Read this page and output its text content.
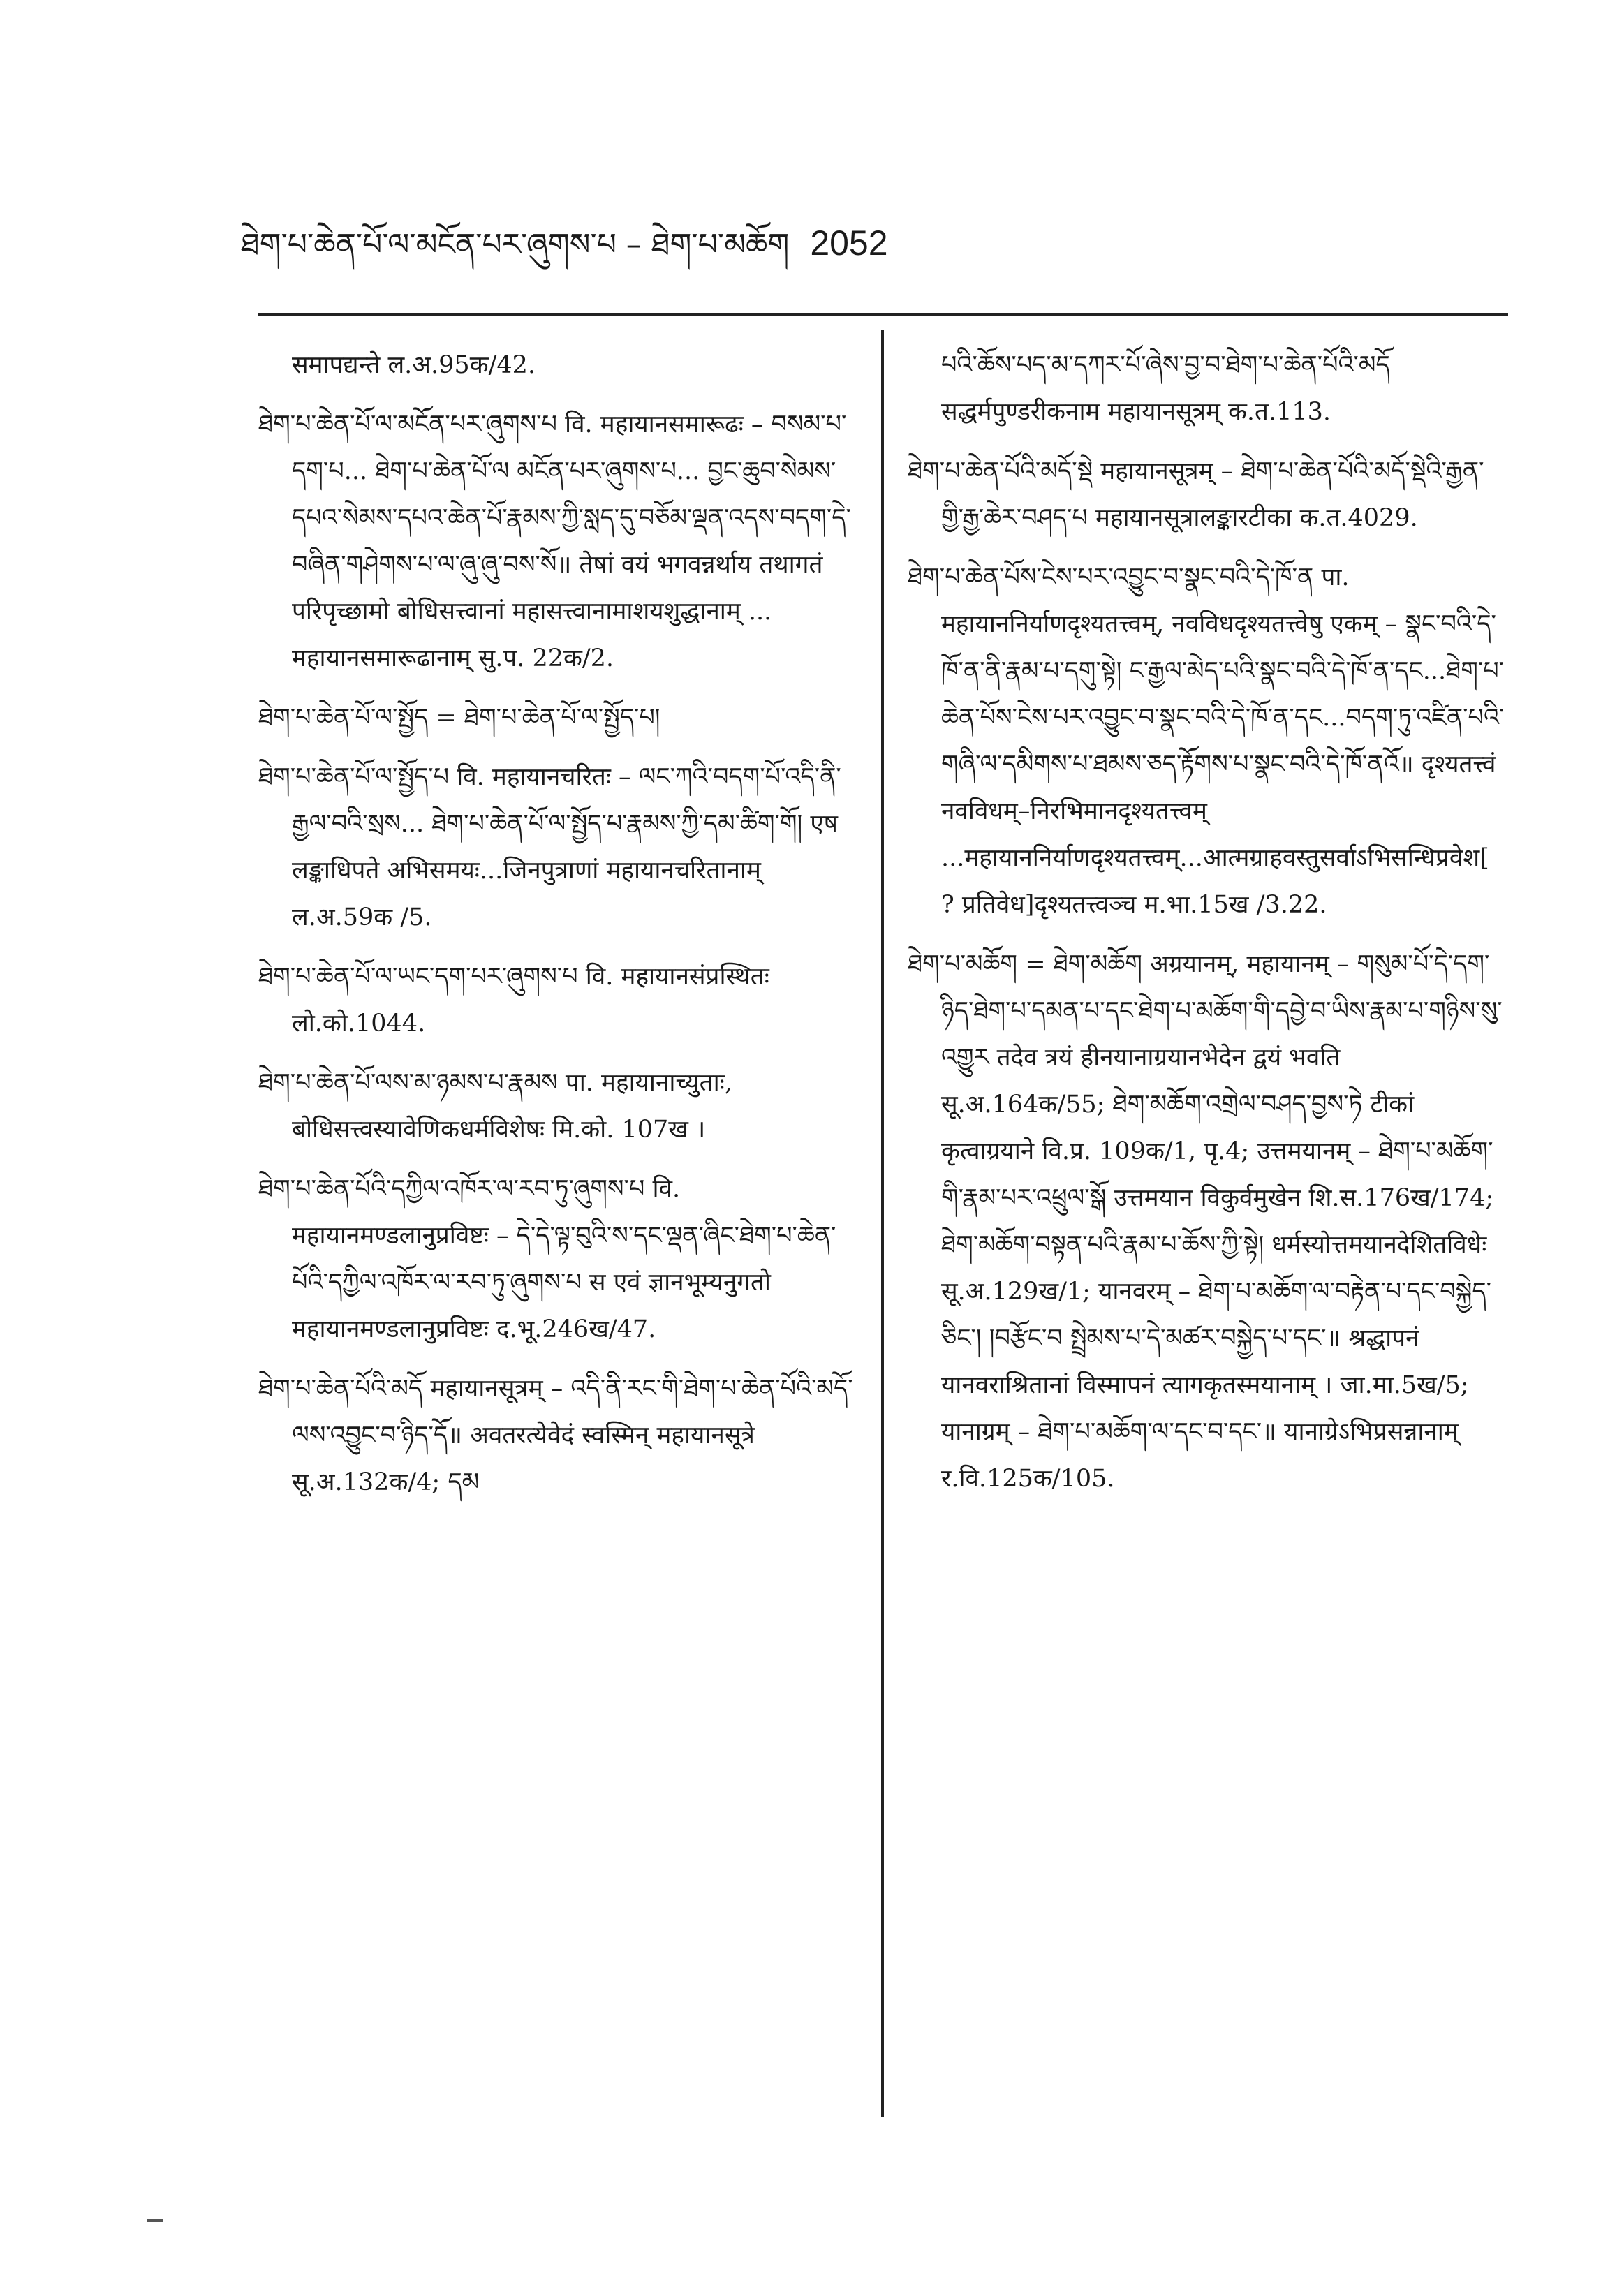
ཐེག་པ་ཆེན་པོ་ལ་མངོན་པར་ཞུགས་པ – ཐེག་པ་མཆོག 2052

समापद्यन्ते ल.अ.95क/42.

ཐེག་པ་ཆེན་པོ་ལ་མངོན་པར་ཞུགས་པ वि. महायानसमारूढः – བསམ་པ་དག་པ... ཐེག་པ་ཆེན་པོ་ལ མངོན་པར་ཞུགས་པ... བྱང་ཆུབ་སེམས་དཔའ་སེམས་དཔའ་ཆེན་པོ་རྣམས་ཀྱི་སླད་དུ་བཅོམ་ལྡན་འདས་བདག་དེ་བཞིན་གཤེགས་པ་ལ་ཞུ་ཞུ་བས་སོ॥ तेषां वयं भगवन्नर्थाय तथागतं परिपृच्छामो बोधिसत्त्वानां महासत्त्वानामाशयशुद्धानाम् ... महायानसमारूढानाम् सु.प. 22क/2.

ཐེག་པ་ཆེན་པོ་ལ་སྤྱོད = ཐེག་པ་ཆེན་པོ་ལ་སྤྱོད་པ།

ཐེག་པ་ཆེན་པོ་ལ་སྤྱོད་པ वि. महायानचरितः – ལང་ཀའི་བདག་པོ་འདི་ནི་རྒྱལ་བའི་སྲས... ཐེག་པ་ཆེན་པོ་ལ་སྤྱོད་པ་རྣམས་ཀྱི་དམ་ཚིག་གོ། एष लङ्काधिपते अभिसमयः...जिनपुत्राणां महायानचरितानाम् ल.अ.59क /5.

ཐེག་པ་ཆེན་པོ་ལ་ཡང་དག་པར་ཞུགས་པ वि. महायानसंप्रस्थितः लो.को.1044.

ཐེག་པ་ཆེན་པོ་ལས་མ་ཉམས་པ་རྣམས पा. महायानाच्युताः, बोधिसत्त्वस्यावेणिकधर्मविशेषः मि.को. 107ख ।

ཐེག་པ་ཆེན་པོའི་དཀྱིལ་འཁོར་ལ་རབ་ཏུ་ཞུགས་པ वि. महायानमण्डलानुप्रविष्टः – དེ་དེ་ལྟ་བུའི་ས་དང་ལྡན་ཞིང་ཐེག་པ་ཆེན་པོའི་དཀྱིལ་འཁོར་ལ་རབ་ཏུ་ཞུགས་པ स एवं ज्ञानभूम्यनुगतो महायानमण्डलानुप्रविष्टः द.भू.246ख/47.

ཐེག་པ་ཆེན་པོའི་མདོ महायानसूत्रम् – འདི་ནི་རང་གི་ཐེག་པ་ཆེན་པོའི་མདོ་ལས་འབྱུང་བ་ཉིད་དོ॥ अवतरत्येवेदं स्वस्मिन् महायानसूत्रे सू.अ.132क/4; དམ

པའི་ཆོས་པད་མ་དཀར་པོ་ཞེས་བྱ་བ་ཐེག་པ་ཆེན་པོའི་མདོ सद्धर्मपुण्डरीकनाम महायानसूत्रम् क.त.113.

ཐེག་པ་ཆེན་པོའི་མདོ་སྡེ महायानसूत्रम् – ཐེག་པ་ཆེན་པོའི་མདོ་སྡེའི་རྒྱན་གྱི་རྒྱ་ཆེར་བཤད་པ महायानसूत्रालङ्कारटीका क.त.4029.

ཐེག་པ་ཆེན་པོས་ངེས་པར་འབྱུང་བ་སྣང་བའི་དེ་ཁོ་ན पा. महायाननिर्याणदृश्यतत्त्वम्, नवविधदृश्यतत्त्वेषु एकम् – སྣང་བའི་དེ་ཁོ་ན་ནི་རྣམ་པ་དགུ་སྟེ། ང་རྒྱལ་མེད་པའི་སྣང་བའི་དེ་ཁོ་ན་དང...ཐེག་པ་ཆེན་པོས་ངེས་པར་འབྱུང་བ་སྣང་བའི་དེ་ཁོ་ན་དང...བདག་ཏུ་འཛིན་པའི་གཞི་ལ་དམིགས་པ་ཐམས་ཅད་རྟོགས་པ་སྣང་བའི་དེ་ཁོ་ནའོ॥ दृश्यतत्त्वं नवविधम्–निरभिमानदृश्यतत्त्वम् ...महायाननिर्याणदृश्यतत्त्वम्...आत्मग्राहवस्तुसर्वाऽभिसन्धिप्रवेश[ ? प्रतिवेध]दृश्यतत्त्वञ्च म.भा.15ख /3.22.

ཐེག་པ་མཆོག = ཐེག་མཆོག अग्रयानम्, महायानम् – གསུམ་པོ་དེ་དག་ཉིད་ཐེག་པ་དམན་པ་དང་ཐེག་པ་མཆོག་གི་དབྱེ་བ་ཡིས་རྣམ་པ་གཉིས་སུ་འགྱུར तदेव त्रयं हीनयानाग्रयानभेदेन द्वयं भवति सू.अ.164क/55; ཐེག་མཆོག་འགྲེལ་བཤད་བྱས་ཏེ टीकां कृत्वाग्रयाने वि.प्र. 109क/1, पृ.4; उत्तमयानम् – ཐེག་པ་མཆོག་གི་རྣམ་པར་འཕྲུལ་སྒོ उत्तमयान विकुर्वमुखेन शि.स.176ख/174; ཐེག་མཆོག་བསྟན་པའི་རྣམ་པ་ཆོས་ཀྱི་སྟེ། धर्मस्योत्तमयानदेशितविधेः सू.अ.129ख/1; यानवरम् – ཐེག་པ་མཆོག་ལ་བརྟེན་པ་དང་བསྐྱེད་ཅིང་། །བརྩོང་བ སྤྲེམས་པ་དེ་མཚར་བསྐྱེད་པ་དང་॥ श्रद्धापनं यानवराश्रितानां विस्मापनं त्यागकृतस्मयानाम् । जा.मा.5ख/5; यानाग्रम् – ཐེག་པ་མཆོག་ལ་དང་བ་དང་॥ यानाग्रेऽभिप्रसन्नानाम् र.वि.125क/105.
